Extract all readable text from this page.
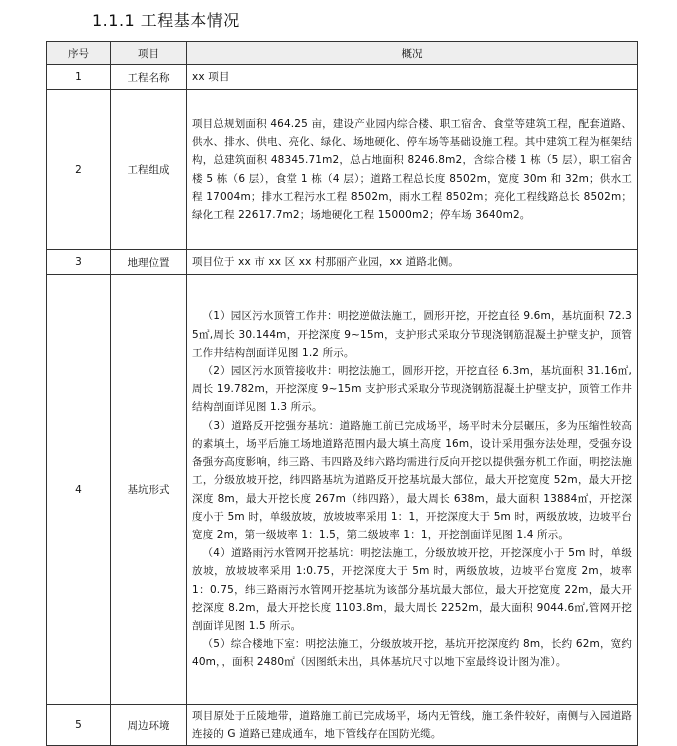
1.1.1 工程基本情况
序号	项目	概况
1	工程名称	xx 项目

2	工程组成	项目总规划面积 464.25 亩，建设产业园内综合楼、职工宿舍、食堂等建筑工程，配套道路、供水、排水、供电、亮化、绿化、场地硬化、停车场等基础设施工程。其中建筑工程为框架结构，总建筑面积 48345.71m2，总占地面积 8246.8m2，含综合楼 1 栋（5 层），职工宿舍楼 5 栋（6 层），食堂 1 栋（4 层）；道路工程总长度 8502m，宽度 30m 和 32m；供水工程 17004m；排水工程污水工程 8502m，雨水工程 8502m；亮化工程线路总长 8502m；绿化工程 22617.7m2；场地硬化工程 15000m2；停车场 3640m2。

3	地理位置	项目位于 xx 市 xx 区 xx 村那丽产业园，xx 道路北侧。

4	基坑形式	（1）园区污水顶管工作井：明挖逆做法施工，圆形开挖，开挖直径 9.6m，基坑面积 72.35㎡,周长 30.144m，开挖深度 9~15m，支护形式采取分节现浇钢筋混凝土护壁支护，顶管工作井结构剖面详见图 1.2 所示。

（2）园区污水顶管接收井：明挖法施工，圆形开挖，开挖直径 6.3m，基坑面积 31.16㎡,周长 19.782m，开挖深度 9~15m 支护形式采取分节现浇钢筋混凝土护壁支护，顶管工作井结构剖面详见图 1.3 所示。

（3）道路反开挖强夯基坑：道路施工前已完成场平，场平时未分层碾压，多为压缩性较高的素填土，场平后施工场地道路范围内最大填土高度 16m，设计采用强夯法处理，受强夯设备强夯高度影响，纬三路、韦四路及纬六路均需进行反向开挖以提供强夯机工作面，明挖法施工，分级放坡开挖，纬四路基坑为道路反开挖基坑最大部位，最大开挖宽度 52m，最大开挖深度 8m，最大开挖长度 267m（纬四路），最大周长 638m，最大面积 13884㎡，开挖深度小于 5m 时，单级放坡，放坡坡率采用 1：1，开挖深度大于 5m 时，两级放坡，边坡平台宽度 2m，第一级坡率 1：1.5，第二级坡率 1：1，开挖剖面详见图 1.4 所示。

（4）道路雨污水管网开挖基坑：明挖法施工，分级放坡开挖，开挖深度小于 5m 时，单级放坡，放坡坡率采用 1:0.75，开挖深度大于 5m 时，两级放坡，边坡平台宽度 2m，坡率 1：0.75，纬三路雨污水管网开挖基坑为该部分基坑最大部位，最大开挖宽度 22m，最大开挖深度 8.2m，最大开挖长度 1103.8m，最大周长 2252m，最大面积 9044.6㎡,管网开挖剖面详见图 1.5 所示。

（5）综合楼地下室：明挖法施工，分级放坡开挖，基坑开挖深度约 8m，长约 62m，宽约 40m，，面积 2480㎡（因图纸未出，具体基坑尺寸以地下室最终设计图为准）。

5	周边环境	项目原处于丘陵地带，道路施工前已完成场平，场内无管线，施工条件较好，南侧与入园道路连接的 G 道路已建成通车，地下管线存在国防光缆。
